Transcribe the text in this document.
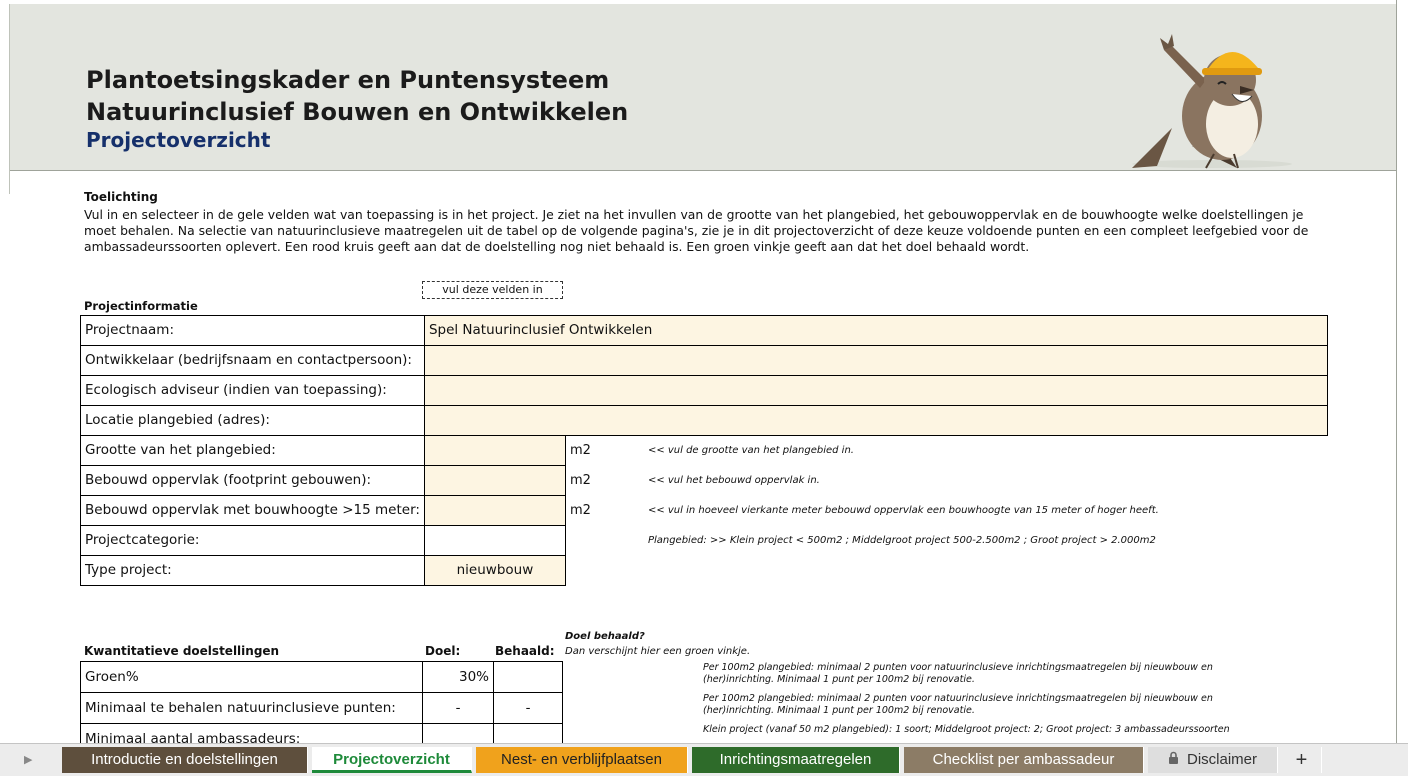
Plantoetsingskader en Puntensysteem
Natuurinclusief Bouwen en Ontwikkelen
Projectoverzicht
Toelichting
Vul in en selecteer in de gele velden wat van toepassing is in het project. Je ziet na het invullen van de grootte van het plangebied, het gebouwoppervlak en de bouwhoogte welke doelstellingen je moet behalen. Na selectie van natuurinclusieve maatregelen uit de tabel op de volgende pagina's, zie je in dit projectoverzicht of deze keuze voldoende punten en een compleet leefgebied voor de ambassadeurssoorten oplevert. Een rood kruis geeft aan dat de doelstelling nog niet behaald is. Een groen vinkje geeft aan dat het doel behaald wordt.
vul deze velden in
Projectinformatie
Projectnaam:	Spel Natuurinclusief Ontwikkelen		
Ontwikkelaar (bedrijfsnaam en contactpersoon):			
Ecologisch adviseur (indien van toepassing):			
Locatie plangebied (adres):			
Grootte van het plangebied:		m2	<< vul de grootte van het plangebied in.
Bebouwd oppervlak (footprint gebouwen):		m2	<< vul het bebouwd oppervlak in.
Bebouwd oppervlak met bouwhoogte >15 meter:		m2	<< vul in hoeveel vierkante meter bebouwd oppervlak een bouwhoogte van 15 meter of hoger heeft.
Projectcategorie:			Plangebied: >> Klein project < 500m2 ; Middelgroot project 500-2.500m2 ; Groot project > 2.000m2
Type project:	nieuwbouw		
Doel behaald?
Dan verschijnt hier een groen vinkje.
Kwantitatieve doelstellingen	Doel:	Behaald:
Groen%	30%		Per 100m2 plangebied: minimaal 2 punten voor natuurinclusieve inrichtingsmaatregelen bij nieuwbouw en (her)inrichting. Minimaal 1 punt per 100m2 bij renovatie.
Minimaal te behalen natuurinclusieve punten:	-	-	Per 100m2 plangebied: minimaal 2 punten voor natuurinclusieve inrichtingsmaatregelen bij nieuwbouw en (her)inrichting. Minimaal 1 punt per 100m2 bij renovatie.
Minimaal aantal ambassadeurs:			Klein project (vanaf 50 m2 plangebied): 1 soort; Middelgroot project: 2; Groot project: 3 ambassadeurssoorten
▶	Introductie en doelstellingen	Projectoverzicht	Nest- en verblijfplaatsen	Inrichtingsmaatregelen	Checklist per ambassadeur	Disclaimer	+
